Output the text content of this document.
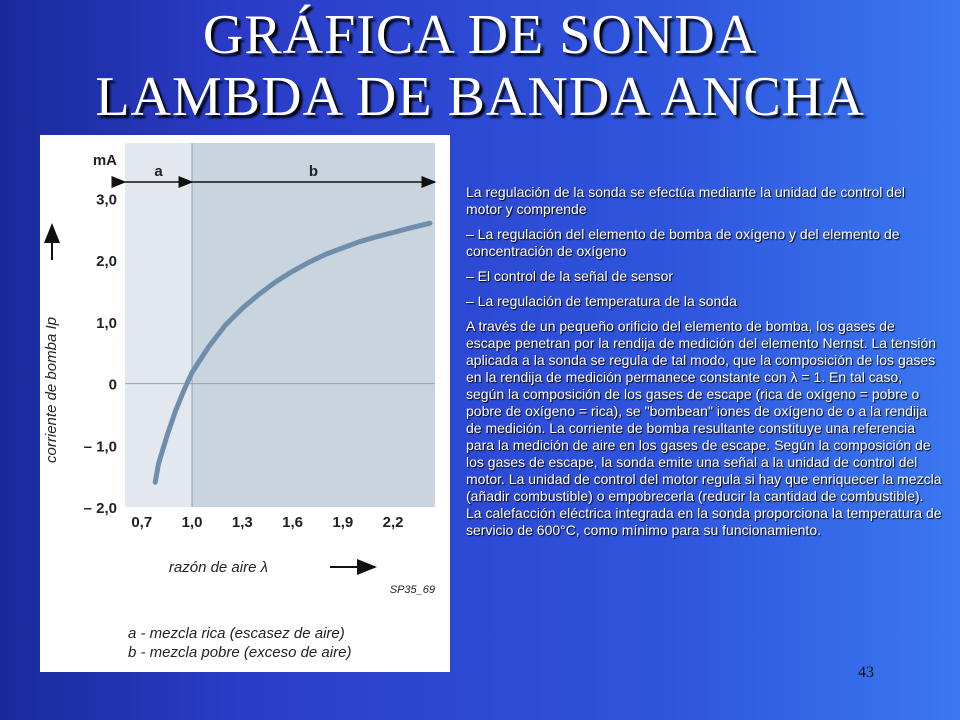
GRÁFICA DE SONDA
LAMBDA DE BANDA ANCHA
– 2,0
– 1,0
0
1,0
2,0
3,0
0,7 1,0 1,3 1,6 1,9 2,2
mA
a	b
corriente de bomba Ip
razón de aire λ
SP35_69
a - mezcla rica (escasez de aire)
b - mezcla pobre (exceso de aire)

La regulación de la sonda se efectúa mediante la unidad de control del motor y comprende

– La regulación del elemento de bomba de oxígeno y del elemento de concentración de oxígeno

– El control de la señal de sensor

– La regulación de temperatura de la sonda

A través de un pequeño orificio del elemento de bomba, los gases de escape penetran por la rendija de medición del elemento Nernst. La tensión aplicada a la sonda se regula de tal modo, que la composición de los gases en la rendija de medición permanece constante con λ = 1. En tal caso, según la composición de los gases de escape (rica de oxígeno = pobre o pobre de oxígeno = rica), se "bombean" iones de oxígeno de o a la rendija de medición. La corriente de bomba resultante constituye una referencia para la medición de aire en los gases de escape. Según la composición de los gases de escape, la sonda emite una señal a la unidad de control del motor. La unidad de control del motor regula si hay que enriquecer la mezcla (añadir combustible) o empobrecerla (reducir la cantidad de combustible). La calefacción eléctrica integrada en la sonda proporciona la temperatura de servicio de 600°C, como mínimo para su funcionamiento.

43
